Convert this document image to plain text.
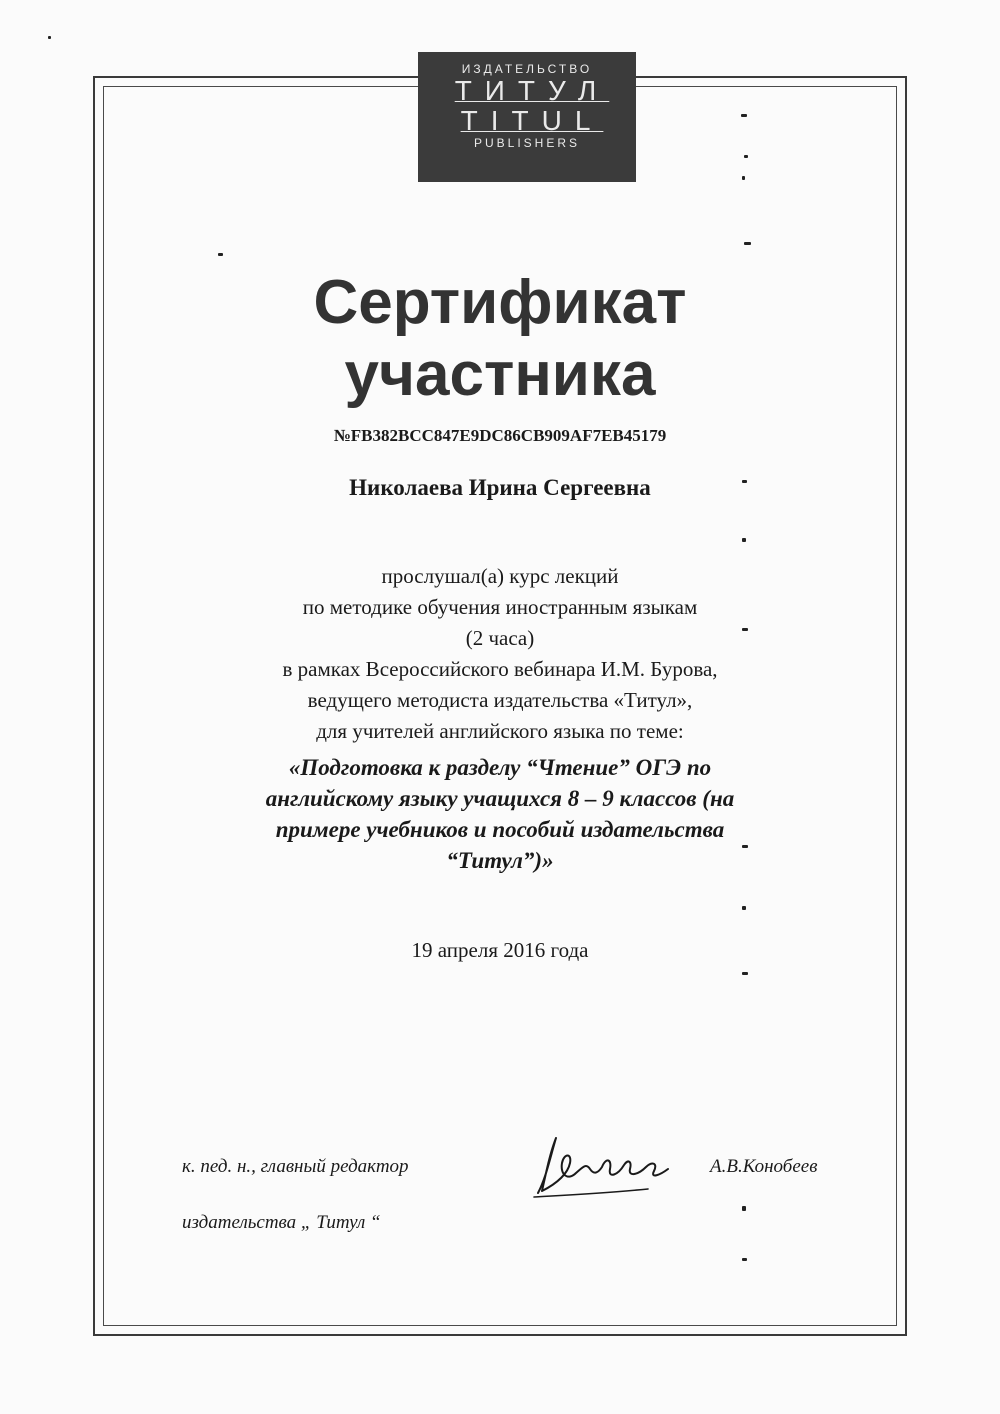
ИЗДАТЕЛЬСТВО
ТИТУЛ
TITUL
PUBLISHERS
Сертификат
участника
№FB382BCC847E9DC86CB909AF7EB45179
Николаева Ирина Сергеевна
прослушал(а) курс лекций
по методике обучения иностранным языкам
(2 часа)
в рамках Всероссийского вебинара И.М. Бурова,
ведущего методиста издательства «Титул»,
для учителей английского языка по теме:
«Подготовка к разделу “Чтение” ОГЭ по
английскому языку учащихся 8 – 9 классов (на
примере учебников и пособий издательства
“Титул”)»
19 апреля 2016 года
к. пед. н., главный редактор
издательства „ Титул “
А.В.Конобеев
